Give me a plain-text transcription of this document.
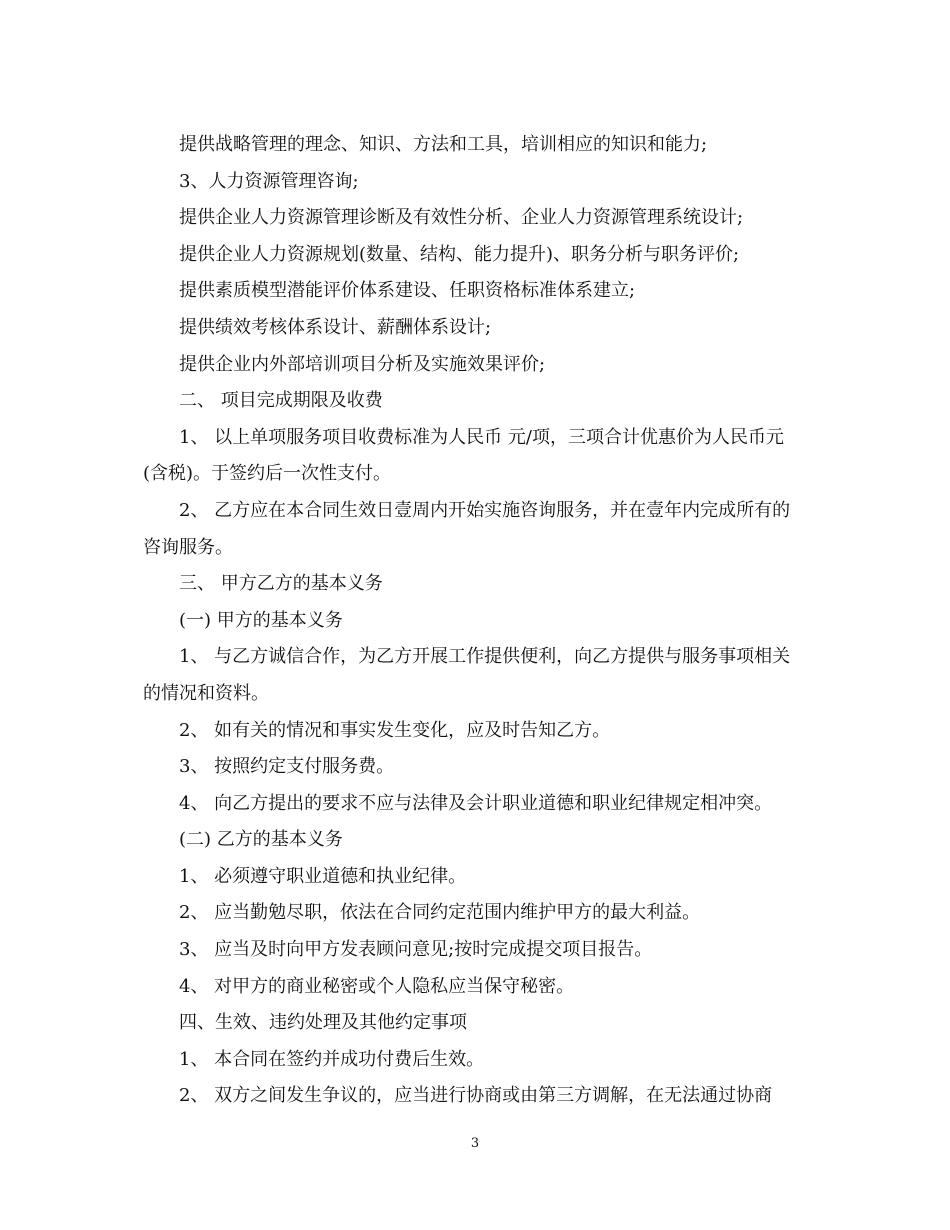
提供战略管理的理念、知识、方法和工具，培训相应的知识和能力;

3、人力资源管理咨询;

提供企业人力资源管理诊断及有效性分析、企业人力资源管理系统设计;

提供企业人力资源规划(数量、结构、能力提升)、职务分析与职务评价;

提供素质模型潜能评价体系建设、任职资格标准体系建立;

提供绩效考核体系设计、薪酬体系设计;

提供企业内外部培训项目分析及实施效果评价;

二、 项目完成期限及收费

1、 以上单项服务项目收费标准为人民币 元/项，三项合计优惠价为人民币元(含税)。于签约后一次性支付。

2、 乙方应在本合同生效日壹周内开始实施咨询服务，并在壹年内完成所有的咨询服务。

三、 甲方乙方的基本义务

(一) 甲方的基本义务

1、 与乙方诚信合作，为乙方开展工作提供便利，向乙方提供与服务事项相关的情况和资料。

2、 如有关的情况和事实发生变化，应及时告知乙方。

3、 按照约定支付服务费。

4、 向乙方提出的要求不应与法律及会计职业道德和职业纪律规定相冲突。

(二) 乙方的基本义务

1、 必须遵守职业道德和执业纪律。

2、 应当勤勉尽职，依法在合同约定范围内维护甲方的最大利益。

3、 应当及时向甲方发表顾问意见;按时完成提交项目报告。

4、 对甲方的商业秘密或个人隐私应当保守秘密。

四、生效、违约处理及其他约定事项

1、 本合同在签约并成功付费后生效。

2、 双方之间发生争议的，应当进行协商或由第三方调解，在无法通过协商

3
